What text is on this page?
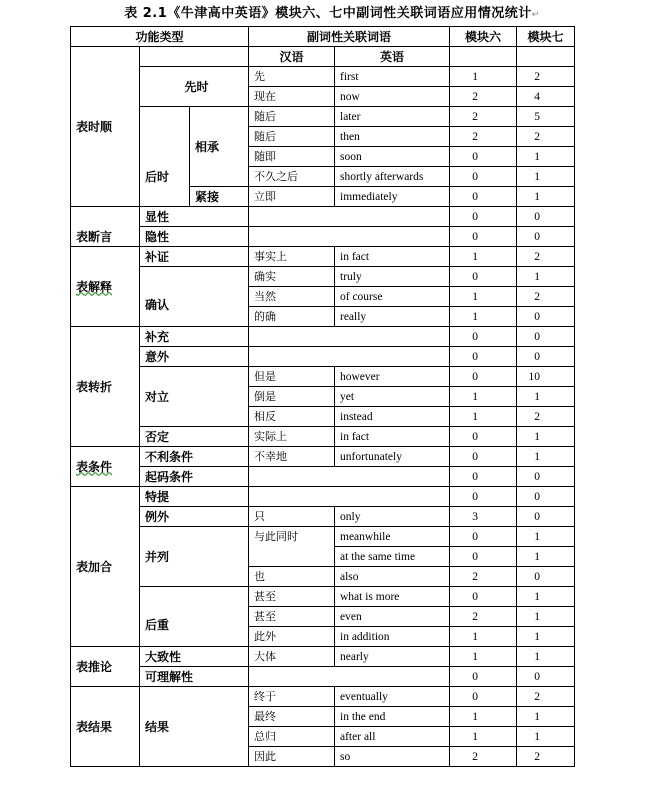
表 2.1《牛津高中英语》模块六、七中副词性关联词语应用情况统计↵
功能类型			副词性关联词语		模块六	模块七
表时顺			汉语	英语		
	先时		先	first	1	2
			现在	now	2	4
	后时	相承	随后	later	2	5
			随后	then	2	2
			随即	soon	0	1
			不久之后	shortly afterwards	0	1
		紧接	立即	immediately	0	1
表断言	显性				0	0
	隐性				0	0
表解释	补证		事实上	in fact	1	2
	确认		确实	truly	0	1
			当然	of course	1	2
			的确	really	1	0
表转折	补充				0	0
	意外				0	0
	对立		但是	however	0	10
			倒是	yet	1	1
			相反	instead	1	2
	否定		实际上	in fact	0	1
表条件	不利条件		不幸地	unfortunately	0	1
	起码条件				0	0
表加合	特提				0	0
	例外		只	only	3	0
	并列		与此同时	meanwhile	0	1
				at the same time	0	1
			也	also	2	0
	后重		甚至	what is more	0	1
			甚至	even	2	1
			此外	in addition	1	1
表推论	大致性		大体	nearly	1	1
	可理解性				0	0
表结果	结果		终于	eventually	0	2
			最终	in the end	1	1
			总归	after all	1	1
			因此	so	2	2
